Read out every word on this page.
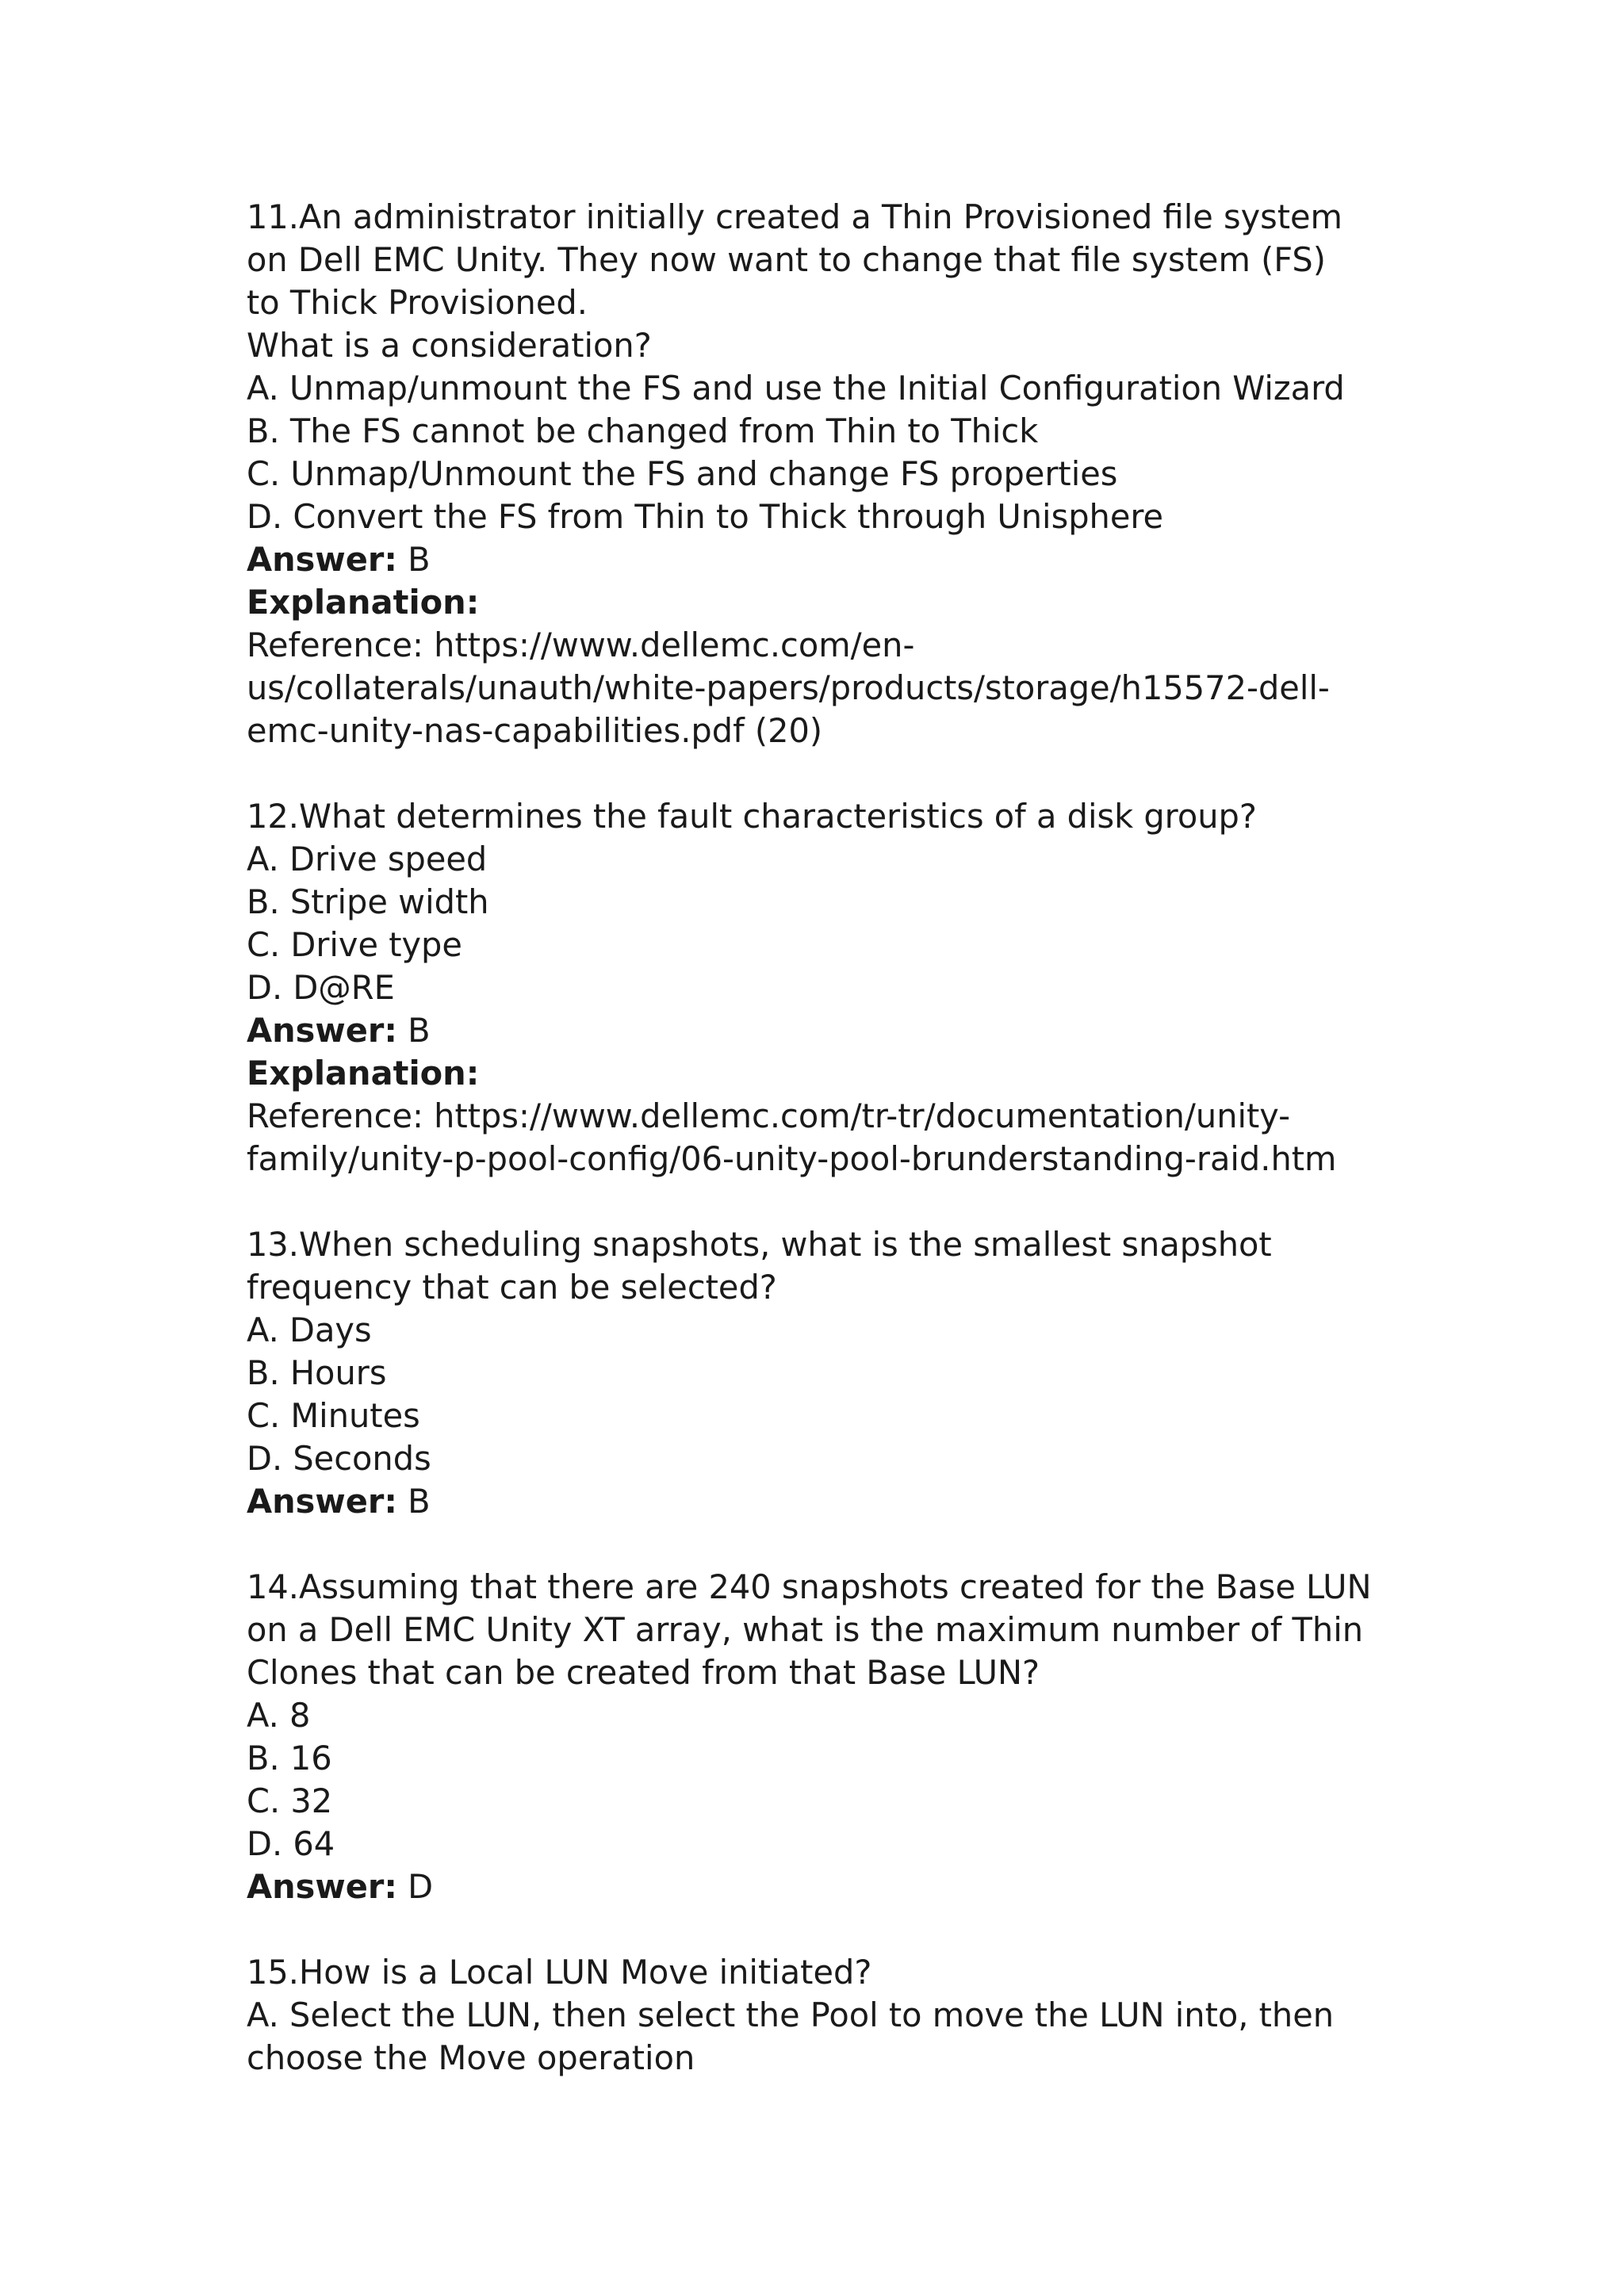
11.An administrator initially created a Thin Provisioned file system
on Dell EMC Unity. They now want to change that file system (FS)
to Thick Provisioned.
What is a consideration?
A. Unmap/unmount the FS and use the Initial Configuration Wizard
B. The FS cannot be changed from Thin to Thick
C. Unmap/Unmount the FS and change FS properties
D. Convert the FS from Thin to Thick through Unisphere
Answer: B
Explanation:
Reference: https://www.dellemc.com/en-
us/collaterals/unauth/white-papers/products/storage/h15572-dell-
emc-unity-nas-capabilities.pdf (20)
12.What determines the fault characteristics of a disk group?
A. Drive speed
B. Stripe width
C. Drive type
D. D@RE
Answer: B
Explanation:
Reference: https://www.dellemc.com/tr-tr/documentation/unity-
family/unity-p-pool-config/06-unity-pool-brunderstanding-raid.htm
13.When scheduling snapshots, what is the smallest snapshot
frequency that can be selected?
A. Days
B. Hours
C. Minutes
D. Seconds
Answer: B
14.Assuming that there are 240 snapshots created for the Base LUN
on a Dell EMC Unity XT array, what is the maximum number of Thin
Clones that can be created from that Base LUN?
A. 8
B. 16
C. 32
D. 64
Answer: D
15.How is a Local LUN Move initiated?
A. Select the LUN, then select the Pool to move the LUN into, then
choose the Move operation
